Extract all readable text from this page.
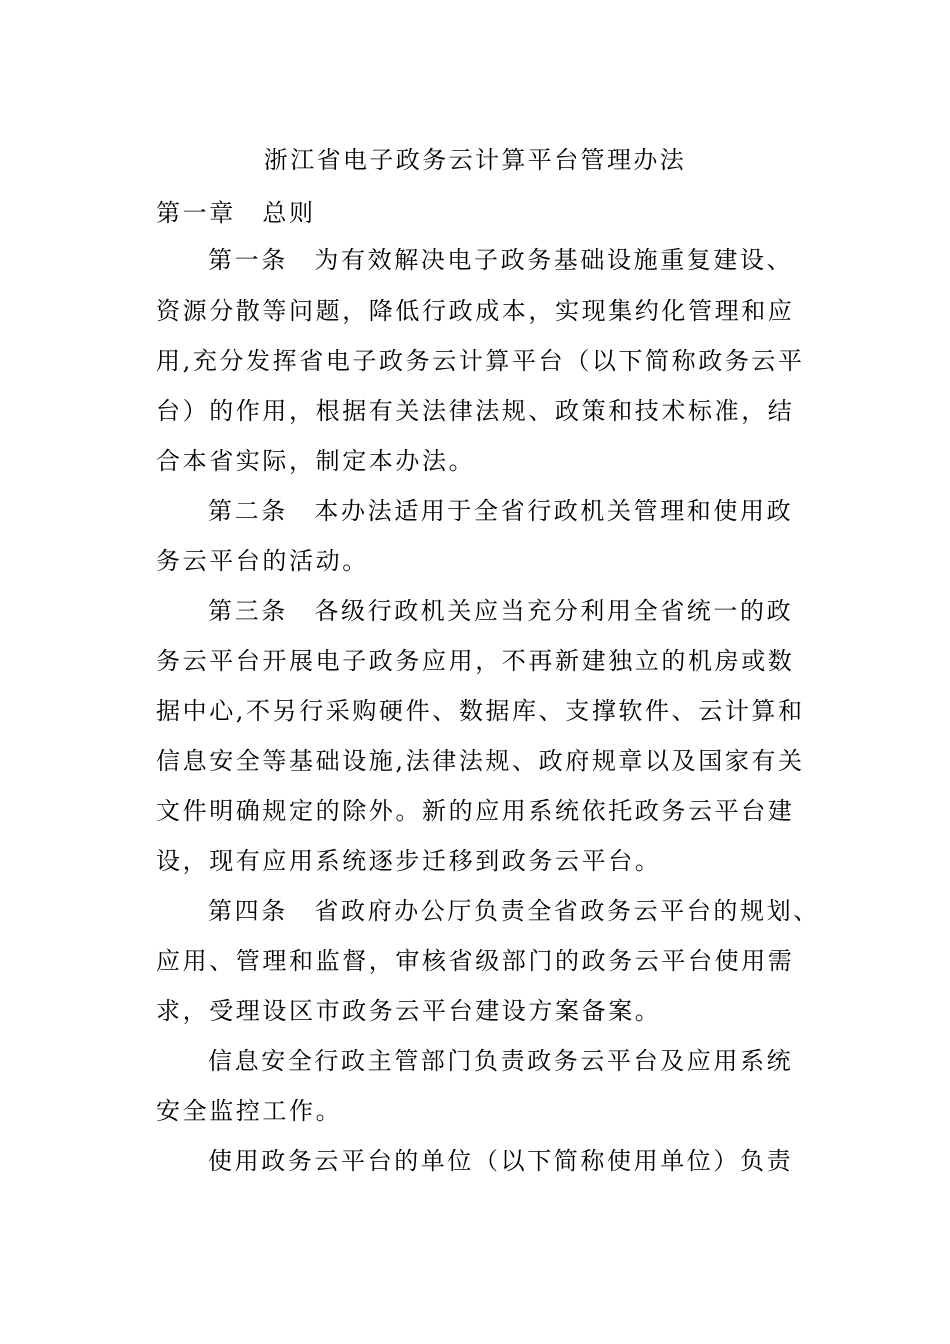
浙江省电子政务云计算平台管理办法
第一章　总则
第一条　为有效解决电子政务基础设施重复建设、
资源分散等问题，降低行政成本，实现集约化管理和应
用,充分发挥省电子政务云计算平台（以下简称政务云平
台）的作用，根据有关法律法规、政策和技术标准，结
合本省实际，制定本办法。
第二条　本办法适用于全省行政机关管理和使用政
务云平台的活动。
第三条　各级行政机关应当充分利用全省统一的政
务云平台开展电子政务应用，不再新建独立的机房或数
据中心,不另行采购硬件、数据库、支撑软件、云计算和
信息安全等基础设施,法律法规、政府规章以及国家有关
文件明确规定的除外。新的应用系统依托政务云平台建
设，现有应用系统逐步迁移到政务云平台。
第四条　省政府办公厅负责全省政务云平台的规划、
应用、管理和监督，审核省级部门的政务云平台使用需
求，受理设区市政务云平台建设方案备案。
信息安全行政主管部门负责政务云平台及应用系统
安全监控工作。
使用政务云平台的单位（以下简称使用单位）负责
